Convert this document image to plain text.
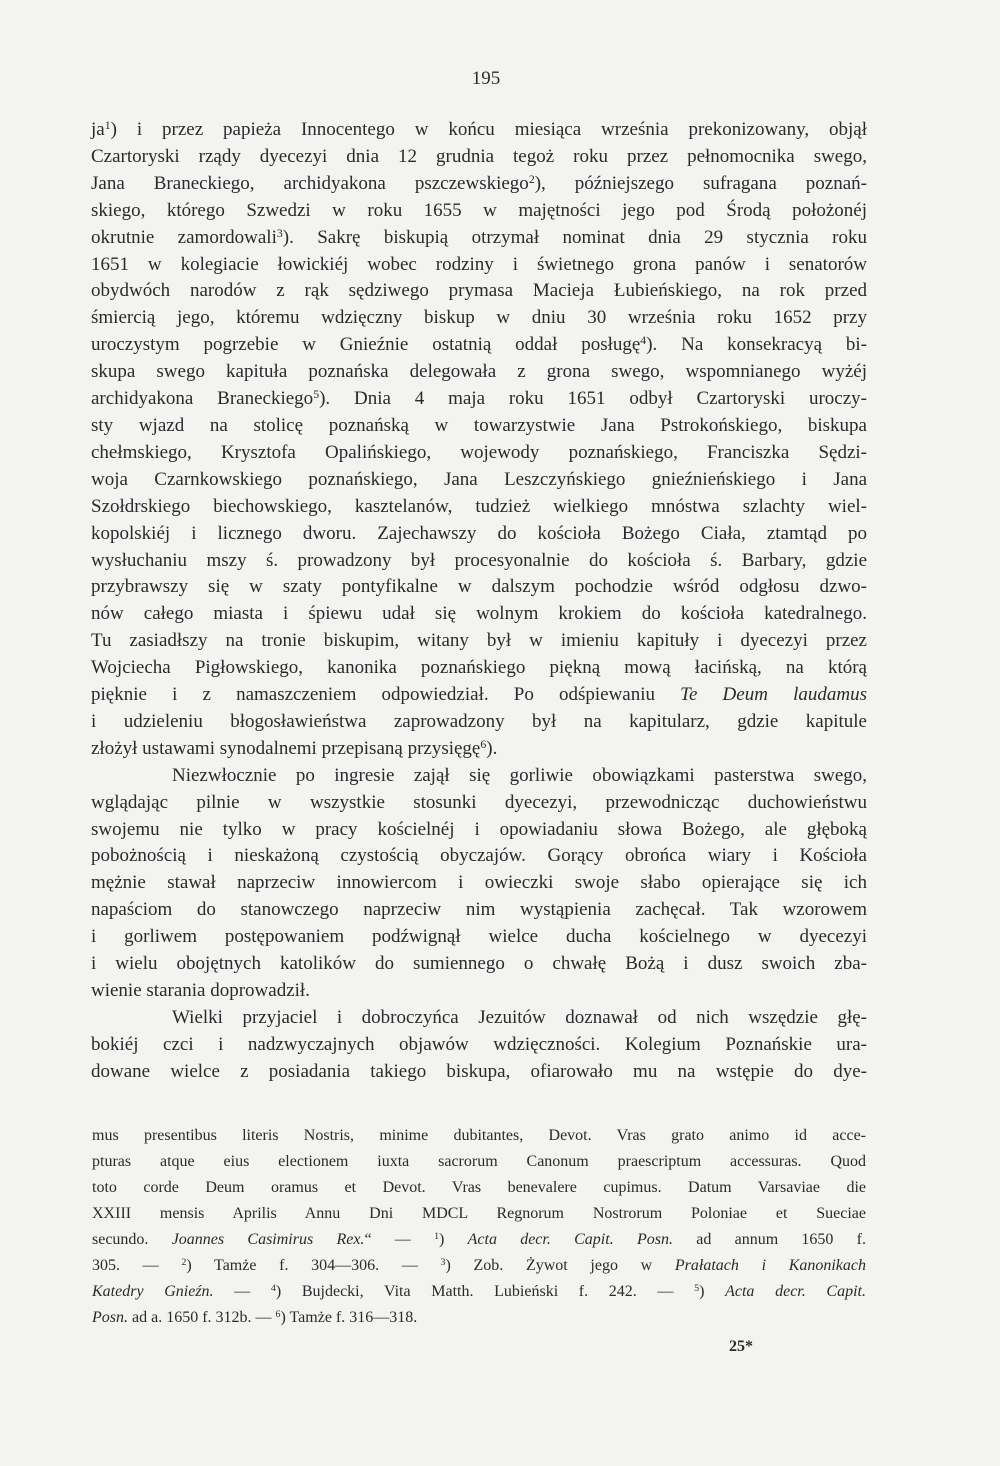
195
ja$^1$) i przez papieża Innocentego w końcu miesiąca września prekonizowany, objął
Czartoryski rządy dyecezyi dnia 12 grudnia tegoż roku przez pełnomocnika swego,
Jana Braneckiego, archidyakona pszczewskiego$^2$), późniejszego sufragana poznań-
skiego, którego Szwedzi w roku 1655 w majętności jego pod Środą położonéj
okrutnie zamordowali$^3$). Sakrę biskupią otrzymał nominat dnia 29 stycznia roku
1651 w kolegiacie łowickiéj wobec rodziny i świetnego grona panów i senatorów
obydwóch narodów z rąk sędziwego prymasa Macieja Łubieńskiego, na rok przed
śmiercią jego, któremu wdzięczny biskup w dniu 30 września roku 1652 przy
uroczystym pogrzebie w Gnieźnie ostatnią oddał posługę$^4$). Na konsekracyą bi-
skupa swego kapituła poznańska delegowała z grona swego, wspomnianego wyżéj
archidyakona Braneckiego$^5$). Dnia 4 maja roku 1651 odbył Czartoryski uroczy-
sty wjazd na stolicę poznańską w towarzystwie Jana Pstrokońskiego, biskupa
chełmskiego, Krysztofa Opalińskiego, wojewody poznańskiego, Franciszka Sędzi-
woja Czarnkowskiego poznańskiego, Jana Leszczyńskiego gnieźnieńskiego i Jana
Szołdrskiego biechowskiego, kasztelanów, tudzież wielkiego mnóstwa szlachty wiel-
kopolskiéj i licznego dworu. Zajechawszy do kościoła Bożego Ciała, ztamtąd po
wysłuchaniu mszy ś. prowadzony był procesyonalnie do kościoła ś. Barbary, gdzie
przybrawszy się w szaty pontyfikalne w dalszym pochodzie wśród odgłosu dzwo-
nów całego miasta i śpiewu udał się wolnym krokiem do kościoła katedralnego.
Tu zasiadłszy na tronie biskupim, witany był w imieniu kapituły i dyecezyi przez
Wojciecha Pigłowskiego, kanonika poznańskiego piękną mową łacińską, na którą
pięknie i z namaszczeniem odpowiedział. Po odśpiewaniu Te Deum laudamus
i udzieleniu błogosławieństwa zaprowadzony był na kapitularz, gdzie kapitule
złożył ustawami synodalnemi przepisaną przysięgę$^6$).
Niezwłocznie po ingresie zajął się gorliwie obowiązkami pasterstwa swego,
wglądając pilnie w wszystkie stosunki dyecezyi, przewodnicząc duchowieństwu
swojemu nie tylko w pracy kościelnéj i opowiadaniu słowa Bożego, ale głęboką
pobożnością i nieskażoną czystością obyczajów. Gorący obrońca wiary i Kościoła
mężnie stawał naprzeciw innowiercom i owieczki swoje słabo opierające się ich
napaściom do stanowczego naprzeciw nim wystąpienia zachęcał. Tak wzorowem
i gorliwem postępowaniem podźwignął wielce ducha kościelnego w dyecezyi
i wielu obojętnych katolików do sumiennego o chwałę Bożą i dusz swoich zba-
wienie starania doprowadził.
Wielki przyjaciel i dobroczyńca Jezuitów doznawał od nich wszędzie głę-
bokiéj czci i nadzwyczajnych objawów wdzięczności. Kolegium Poznańskie ura-
dowane wielce z posiadania takiego biskupa, ofiarowało mu na wstępie do dye-
mus presentibus literis Nostris, minime dubitantes, Devot. Vras grato animo id acce-
pturas atque eius electionem iuxta sacrorum Canonum praescriptum accessuras. Quod
toto corde Deum oramus et Devot. Vras benevalere cupimus. Datum Varsaviae die
XXIII mensis Aprilis Annu Dni MDCL Regnorum Nostrorum Poloniae et Sueciae
secundo. Joannes Casimirus Rex.“ — $^1$) Acta decr. Capit. Posn. ad annum 1650 f.
305. — $^2$) Tamże f. 304—306. — $^3$) Zob. Żywot jego w Prałatach i Kanonikach
Katedry Gnieźn. — $^4$) Bujdecki, Vita Matth. Lubieński f. 242. — $^5$) Acta decr. Capit.
Posn. ad a. 1650 f. 312b. — $^6$) Tamże f. 316—318.
25*
